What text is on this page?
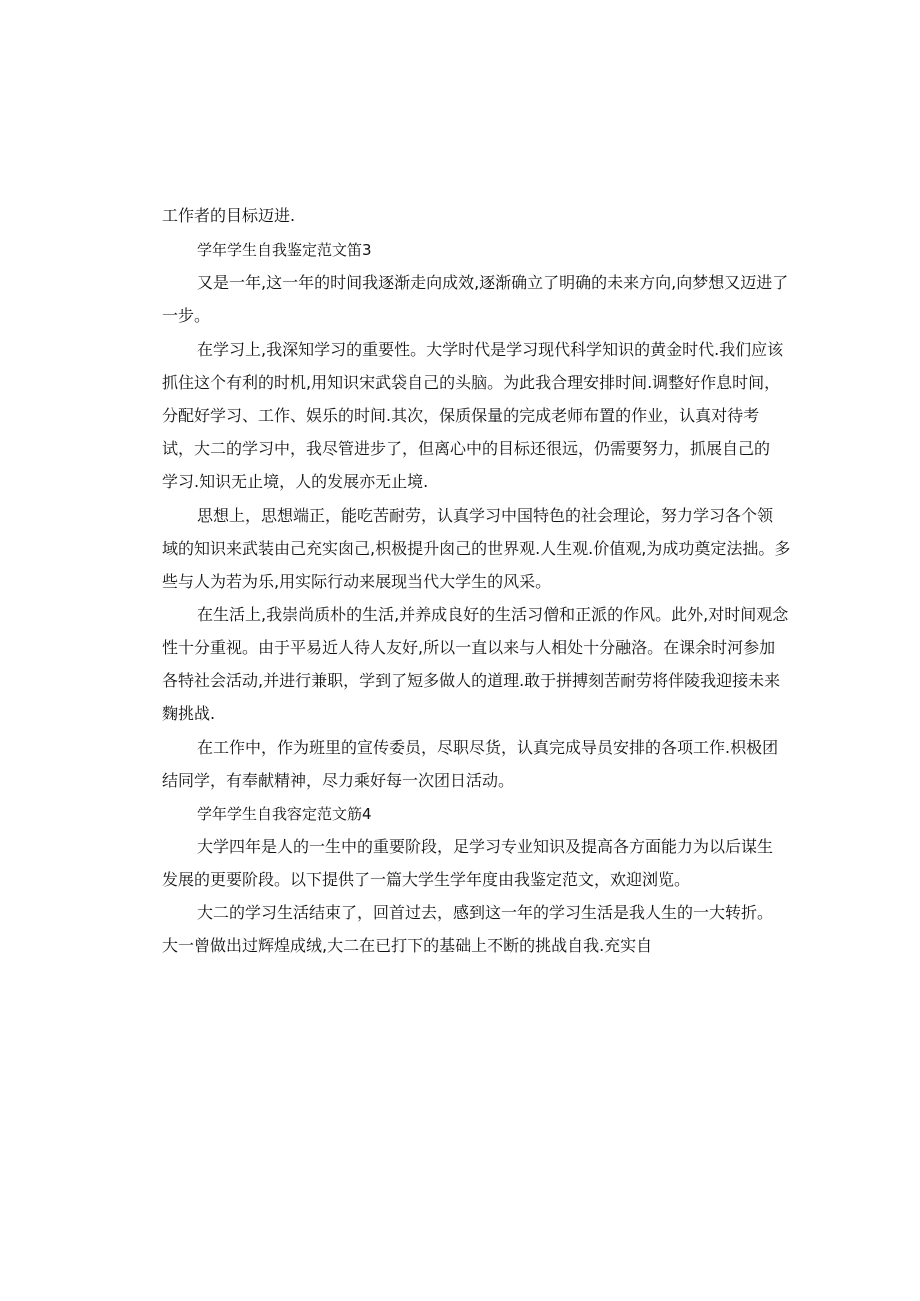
工作者的目标迈进.
学年学生自我鉴定范文笛3
又是一年,这一年的时间我逐渐走向成效,逐渐确立了明确的未来方向,向梦想又迈进了
一步。
在学习上,我深知学习的重要性。大学时代是学习现代科学知识的黄金时代.我们应该
抓住这个有利的时机,用知识宋武袋自己的头脑。为此我合理安排时间.调整好作息时间，
分配好学习、工作、娱乐的时间.其次，保质保量的完成老师布置的作业，认真对待考
试，大二的学习中，我尽管进步了，但离心中的目标还很远，仍需要努力，抓展自己的
学习.知识无止境，人的发展亦无止境.
思想上，思想端正，能吃苦耐劳，认真学习中国特色的社会理论，努力学习各个领
域的知识来武装由己充实囱己,枳极提升囱己的世界观.人生观.价值观,为成功奠定法拙。多
些与人为若为乐,用实际行动来展现当代大学生的风采。
在生活上,我崇尚质朴的生活,并养成良好的生活习僧和正派的作风。此外,对时间观念
性十分重视。由于平易近人待人友好,所以一直以来与人相处十分融洛。在课余时河参加
各特社会活动,并进行兼职，学到了短多做人的道理.敢于拼搏刻苦耐劳将伴陵我迎接未来
麴挑战.
在工作中，作为班里的宣传委员，尽职尽货，认真完成导员安排的各项工作.枳极团
结同学，有奉献精神，尽力乘好每一次团日活动。
学年学生自我容定范文筋4
大学四年是人的一生中的重要阶段，足学习专业知识及提高各方面能力为以后谋生
发展的更要阶段。以下提供了一篇大学生学年度由我鉴定范文，欢迎浏览。
大二的学习生活结束了，回首过去，感到这一年的学习生活是我人生的一大转折。
大一曾做出过辉煌成绒,大二在已打下的基础上不断的挑战自我.充实自
